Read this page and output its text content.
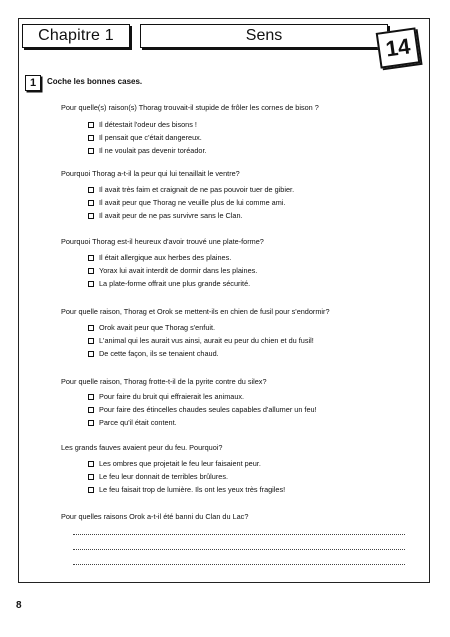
Chapitre 1	Sens	14
1	Coche les bonnes cases.
Pour quelle(s) raison(s) Thorag trouvait-il stupide de frôler les cornes de bison ?
Il détestait l'odeur des bisons !
Il pensait que c'était dangereux.
Il ne voulait pas devenir toréador.
Pourquoi Thorag a-t-il la peur qui lui tenaillait le ventre?
Il avait très faim et craignait de ne pas pouvoir tuer de gibier.
Il avait peur que Thorag ne veuille plus de lui comme ami.
Il avait peur de ne pas survivre sans le Clan.
Pourquoi Thorag est-il heureux d'avoir trouvé une plate-forme?
Il était allergique aux herbes des plaines.
Yorax lui avait interdit de dormir dans les plaines.
La plate-forme offrait une plus grande sécurité.
Pour quelle raison, Thorag et Orok se mettent-ils en chien de fusil pour s'endormir?
Orok avait peur que Thorag s'enfuit.
L'animal qui les aurait vus ainsi, aurait eu peur du chien et du fusil!
De cette façon, ils se tenaient chaud.
Pour quelle raison, Thorag frotte-t-il de la pyrite contre du silex?
Pour faire du bruit qui effraierait les animaux.
Pour faire des étincelles chaudes seules capables d'allumer un feu!
Parce qu'il était content.
Les grands fauves avaient peur du feu. Pourquoi?
Les ombres que projetait le feu leur faisaient peur.
Le feu leur donnait de terribles brûlures.
Le feu faisait trop de lumière. Ils ont les yeux très fragiles!
Pour quelles raisons Orok a-t-il été banni du Clan du Lac?
8
